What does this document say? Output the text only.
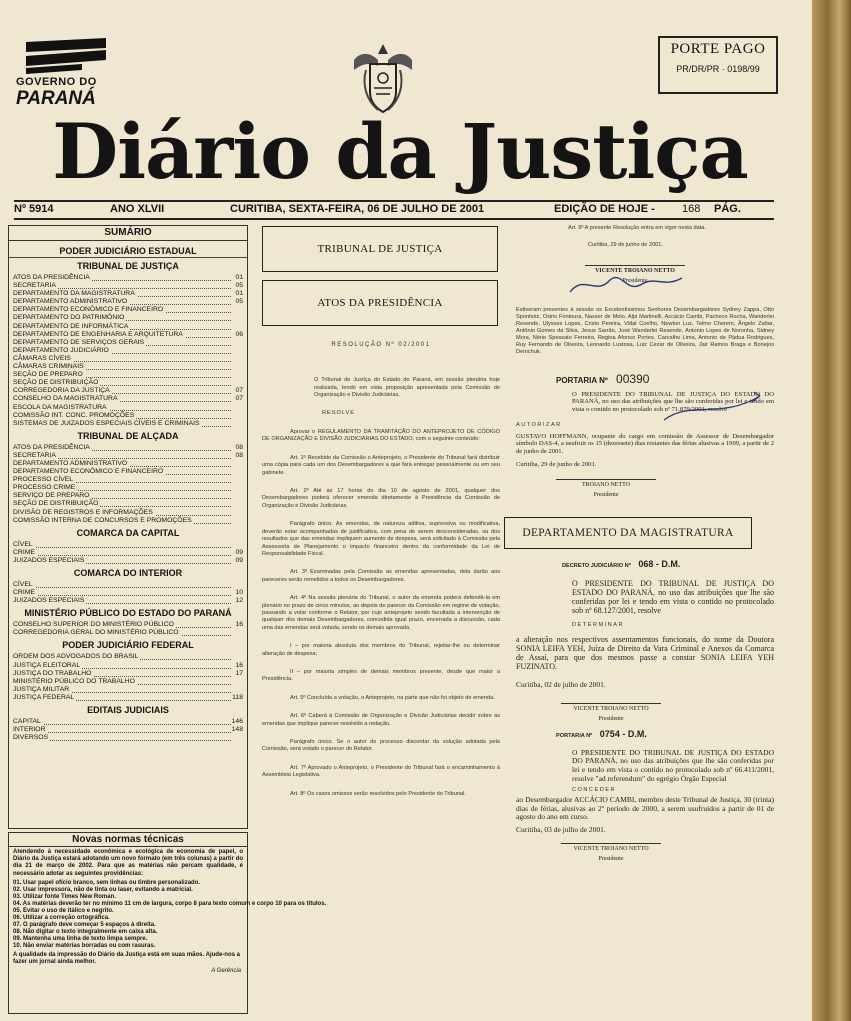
GOVERNO DO
PARANÁ
PORTE PAGO
PR/DR/PR · 0198/99
Diário da Justiça
Nº 5914	ANO XLVII	CURITIBA, SEXTA-FEIRA, 06 DE JULHO DE 2001	EDIÇÃO DE HOJE - 168 PÁG.
SUMÁRIO
PODER JUDICIÁRIO ESTADUAL
TRIBUNAL DE JUSTIÇA
ATOS DA PRESIDÊNCIA	01
SECRETARIA	05
DEPARTAMENTO DA MAGISTRATURA	01
DEPARTAMENTO ADMINISTRATIVO	05
DEPARTAMENTO ECONÔMICO E FINANCEIRO
DEPARTAMENTO DO PATRIMÔNIO
DEPARTAMENTO DE INFORMÁTICA
DEPARTAMENTO DE ENGENHARIA E ARQUITETURA	06
DEPARTAMENTO DE SERVIÇOS GERAIS
DEPARTAMENTO JUDICIÁRIO
CÂMARAS CÍVEIS
CÂMARAS CRIMINAIS
SEÇÃO DE PREPARO
SEÇÃO DE DISTRIBUIÇÃO
CORREGEDORIA DA JUSTIÇA	07
CONSELHO DA MAGISTRATURA	07
ESCOLA DA MAGISTRATURA
COMISSÃO INT. CONC. PROMOÇÕES
SISTEMAS DE JUIZADOS ESPECIAIS CÍVEIS E CRIMINAIS
TRIBUNAL DE ALÇADA
ATOS DA PRESIDÊNCIA	08
SECRETARIA	08
DEPARTAMENTO ADMINISTRATIVO
DEPARTAMENTO ECONÔMICO E FINANCEIRO
PROCESSO CÍVEL
PROCESSO CRIME
SERVIÇO DE PREPARO
SEÇÃO DE DISTRIBUIÇÃO
DIVISÃO DE REGISTROS E INFORMAÇÕES
COMISSÃO INTERNA DE CONCURSOS E PROMOÇÕES
COMARCA DA CAPITAL
CÍVEL
CRIME	09
JUIZADOS ESPECIAIS	09
COMARCA DO INTERIOR
CÍVEL
CRIME	10
JUIZADOS ESPECIAIS	12
MINISTÉRIO PÚBLICO DO ESTADO DO PARANÁ
CONSELHO SUPERIOR DO MINISTÉRIO PÚBLICO	16
CORREGEDORIA GERAL DO MINISTÉRIO PÚBLICO
PODER JUDICIÁRIO FEDERAL
ORDEM DOS ADVOGADOS DO BRASIL
JUSTIÇA ELEITORAL	16
JUSTIÇA DO TRABALHO	17
MINISTÉRIO PÚBLICO DO TRABALHO
JUSTIÇA MILITAR
JUSTIÇA FEDERAL	118
EDITAIS JUDICIAIS
CAPITAL	146
INTERIOR	148
DIVERSOS
Novas normas técnicas
Atendendo à necessidade econômica e ecológica de economia de papel, o Diário da Justiça estará adotando um novo formato (em três colunas) a partir do dia 21 de março de 2002. Para que as matérias não percam qualidade, é necessário adotar as seguintes providências:
01. Usar papel ofício branco, sem linhas ou timbre personalizado.
02. Usar impressora, não de tinta ou laser, evitando a matricial.
03. Utilizar fonte Times New Roman.
04. As matérias deverão ter no mínimo 11 cm de largura, corpo 8 para texto comum e corpo 10 para os títulos.
05. Evitar o uso de itálico e negrito.
06. Utilizar a correção ortográfica.
07. O parágrafo deve começar 5 espaços à direita.
08. Não digitar o texto integralmente em caixa alta.
09. Mantenha uma linha de texto limpa sempre.
10. Não enviar matérias borradas ou com rasuras.
A qualidade da impressão do Diário da Justiça está em suas mãos. Ajude-nos a fazer um jornal ainda melhor.
A Gerência
TRIBUNAL DE JUSTIÇA
ATOS DA PRESIDÊNCIA

RESOLUÇÃO Nº 02/2001

O Tribunal de Justiça do Estado do Paraná, em sessão plenária hoje realizada, tendo em vista proposição apresentada pela Comissão de Organização e Divisão Judiciárias,

RESOLVE

Aprovar o REGULAMENTO DA TRAMITAÇÃO DO ANTEPROJETO DE CÓDIGO DE ORGANIZAÇÃO E DIVISÃO JUDICIÁRIAS DO ESTADO, com o seguinte conteúdo:

Art. 1º Recebido da Comissão o Anteprojeto, o Presidente do Tribunal fará distribuir uma cópia para cada um dos Desembargadores a que fará entregar pessoalmente ou em seu gabinete.

Art. 2º Até as 17 horas do dia 10 de agosto de 2001, qualquer dos Desembargadores poderá oferecer emenda diretamente à Presidência da Comissão de Organização e Divisão Judiciárias.

Parágrafo único. As emendas, de natureza aditiva, supressiva ou modificativa, deverão estar acompanhadas de justificativa, com pena de serem desconsideradas, ou dos resultados que das emendas impliquem aumento de despesa, será solicitado à Comissão pela Assessoria de Planejamento o impacto financeiro dentro da conformidade da Lei de Responsabilidade Fiscal.

Art. 3º Examinadas pela Comissão as emendas apresentadas, dela darão aos pareceres serão remetidos a todos os Desembargadores.

Art. 4º Na sessão plenária do Tribunal, o autor da emenda poderá defendê-la em plenário no prazo de cinco minutos, ao depois de parecer da Comissão em regime de votação, passando a votar conforme o Relator, por cujo anteprojeto sendo facultada a intervenção de qualquer dos demais Desembargadores, concedida igual prazo, encerrada a discussão, cada uma das emendas será votada, sendo os demais aprovada.

I – por maioria absoluta dos membros do Tribunal, rejeitar-lhe ou determinar alteração de despesa;

II – por maioria simples de demais membros presente, desde que maior a Presidência.

Art. 5º Concluída a votação, o Anteprojeto, na parte que não foi objeto de emenda.

Art. 6º Caberá à Comissão de Organização e Divisão Judiciárias decidir sobre as emendas que implique parecer resolvido a redação.

Parágrafo único. Se o autor do processo discordar da solução adotada pela Comissão, será votado o parecer do Relator.

Art. 7º Aprovado o Anteprojeto, o Presidente do Tribunal fará o encaminhamento à Assembleia Legislativa.

Art. 8º Os casos omissos serão resolvidos pelo Presidente do Tribunal.

Art. 9º A presente Resolução entra em vigor nesta data.
Curitiba, 29 de junho de 2001.
VICENTE TROIANO NETTO
Presidente
Estiveram presentes à sessão os Excelentíssimos Senhores Desembargadores Sydney Zappa, Otto Sponholz, Osiris Fontoura, Nasser de Melo, Alpi Martinelli, Accácio Cambi, Pacheco Rocha, Wanderlei Resende, Ulysses Lopes, Cristo Pereira, Vidal Coelho, Newton Luz, Telmo Cherem, Ângelo Zattar, Antônio Gomes da Silva, Jesus Sarrão, José Wanderlei Resende, Antonio Lopes de Noronha, Sidney Mora, Nério Spessato Ferreira, Regina Afonso Portes, Carvalho Lima, Antonio de Pádua Rodrigues, Ruy Fernando de Oliveira, Leonardo Lustosa, Luiz Cezar de Oliveira, Jair Ramos Braga e Bonejos Demchuk.
PORTARIA Nº 00390

O PRESIDENTE DO TRIBUNAL DE JUSTIÇA DO ESTADO DO PARANÁ, no uso das atribuições que lhe são conferidas por lei e tendo em vista o contido no protocolado sob nº 71.879/2001, resolve

AUTORIZAR

GUSTAVO HOFFMANN, ocupante do cargo em comissão de Assessor de Desembargador símbolo DAS-4, a usufruir os 15 (dezessete) dias restantes das férias alusivas a 1999, a partir de 2 de junho de 2001.

Curitiba, 29 de junho de 2001.

TROIANO NETTO
Presidente
DEPARTAMENTO DA MAGISTRATURA
DECRETO JUDICIÁRIO Nº 068 - D.M.

O PRESIDENTE DO TRIBUNAL DE JUSTIÇA DO ESTADO DO PARANÁ, no uso das atribuições que lhe são conferidas por lei e tendo em vista o contido no protocolado sob nº 68.127/2001, resolve

DETERMINAR

a alteração nos respectivos assentamentos funcionais, do nome da Doutora SONIA LEIFA YEH, Juíza de Direito da Vara Criminal e Anexos da Comarca de Assaí, para que dos mesmos passe a constar SONIA LEIFA YEH FUZINATO.

Curitiba, 02 de julho de 2001.

VICENTE TROIANO NETTO
Presidente
PORTARIA Nº 0754 - D.M.

O PRESIDENTE DO TRIBUNAL DE JUSTIÇA DO ESTADO DO PARANÁ, no uso das atribuições que lhe são conferidas por lei e tendo em vista o contido no protocolado sob nº 66.411/2001, resolve "ad referendum" do egrégio Órgão Especial

CONCEDER

ao Desembargador ACCÁCIO CAMBI, membro deste Tribunal de Justiça, 30 (trinta) dias de férias, alusivas ao 2º período de 2000, a serem usufruídos a partir de 01 de agosto do ano em curso.

Curitiba, 03 de julho de 2001.

VICENTE TROIANO NETTO
Presidente
